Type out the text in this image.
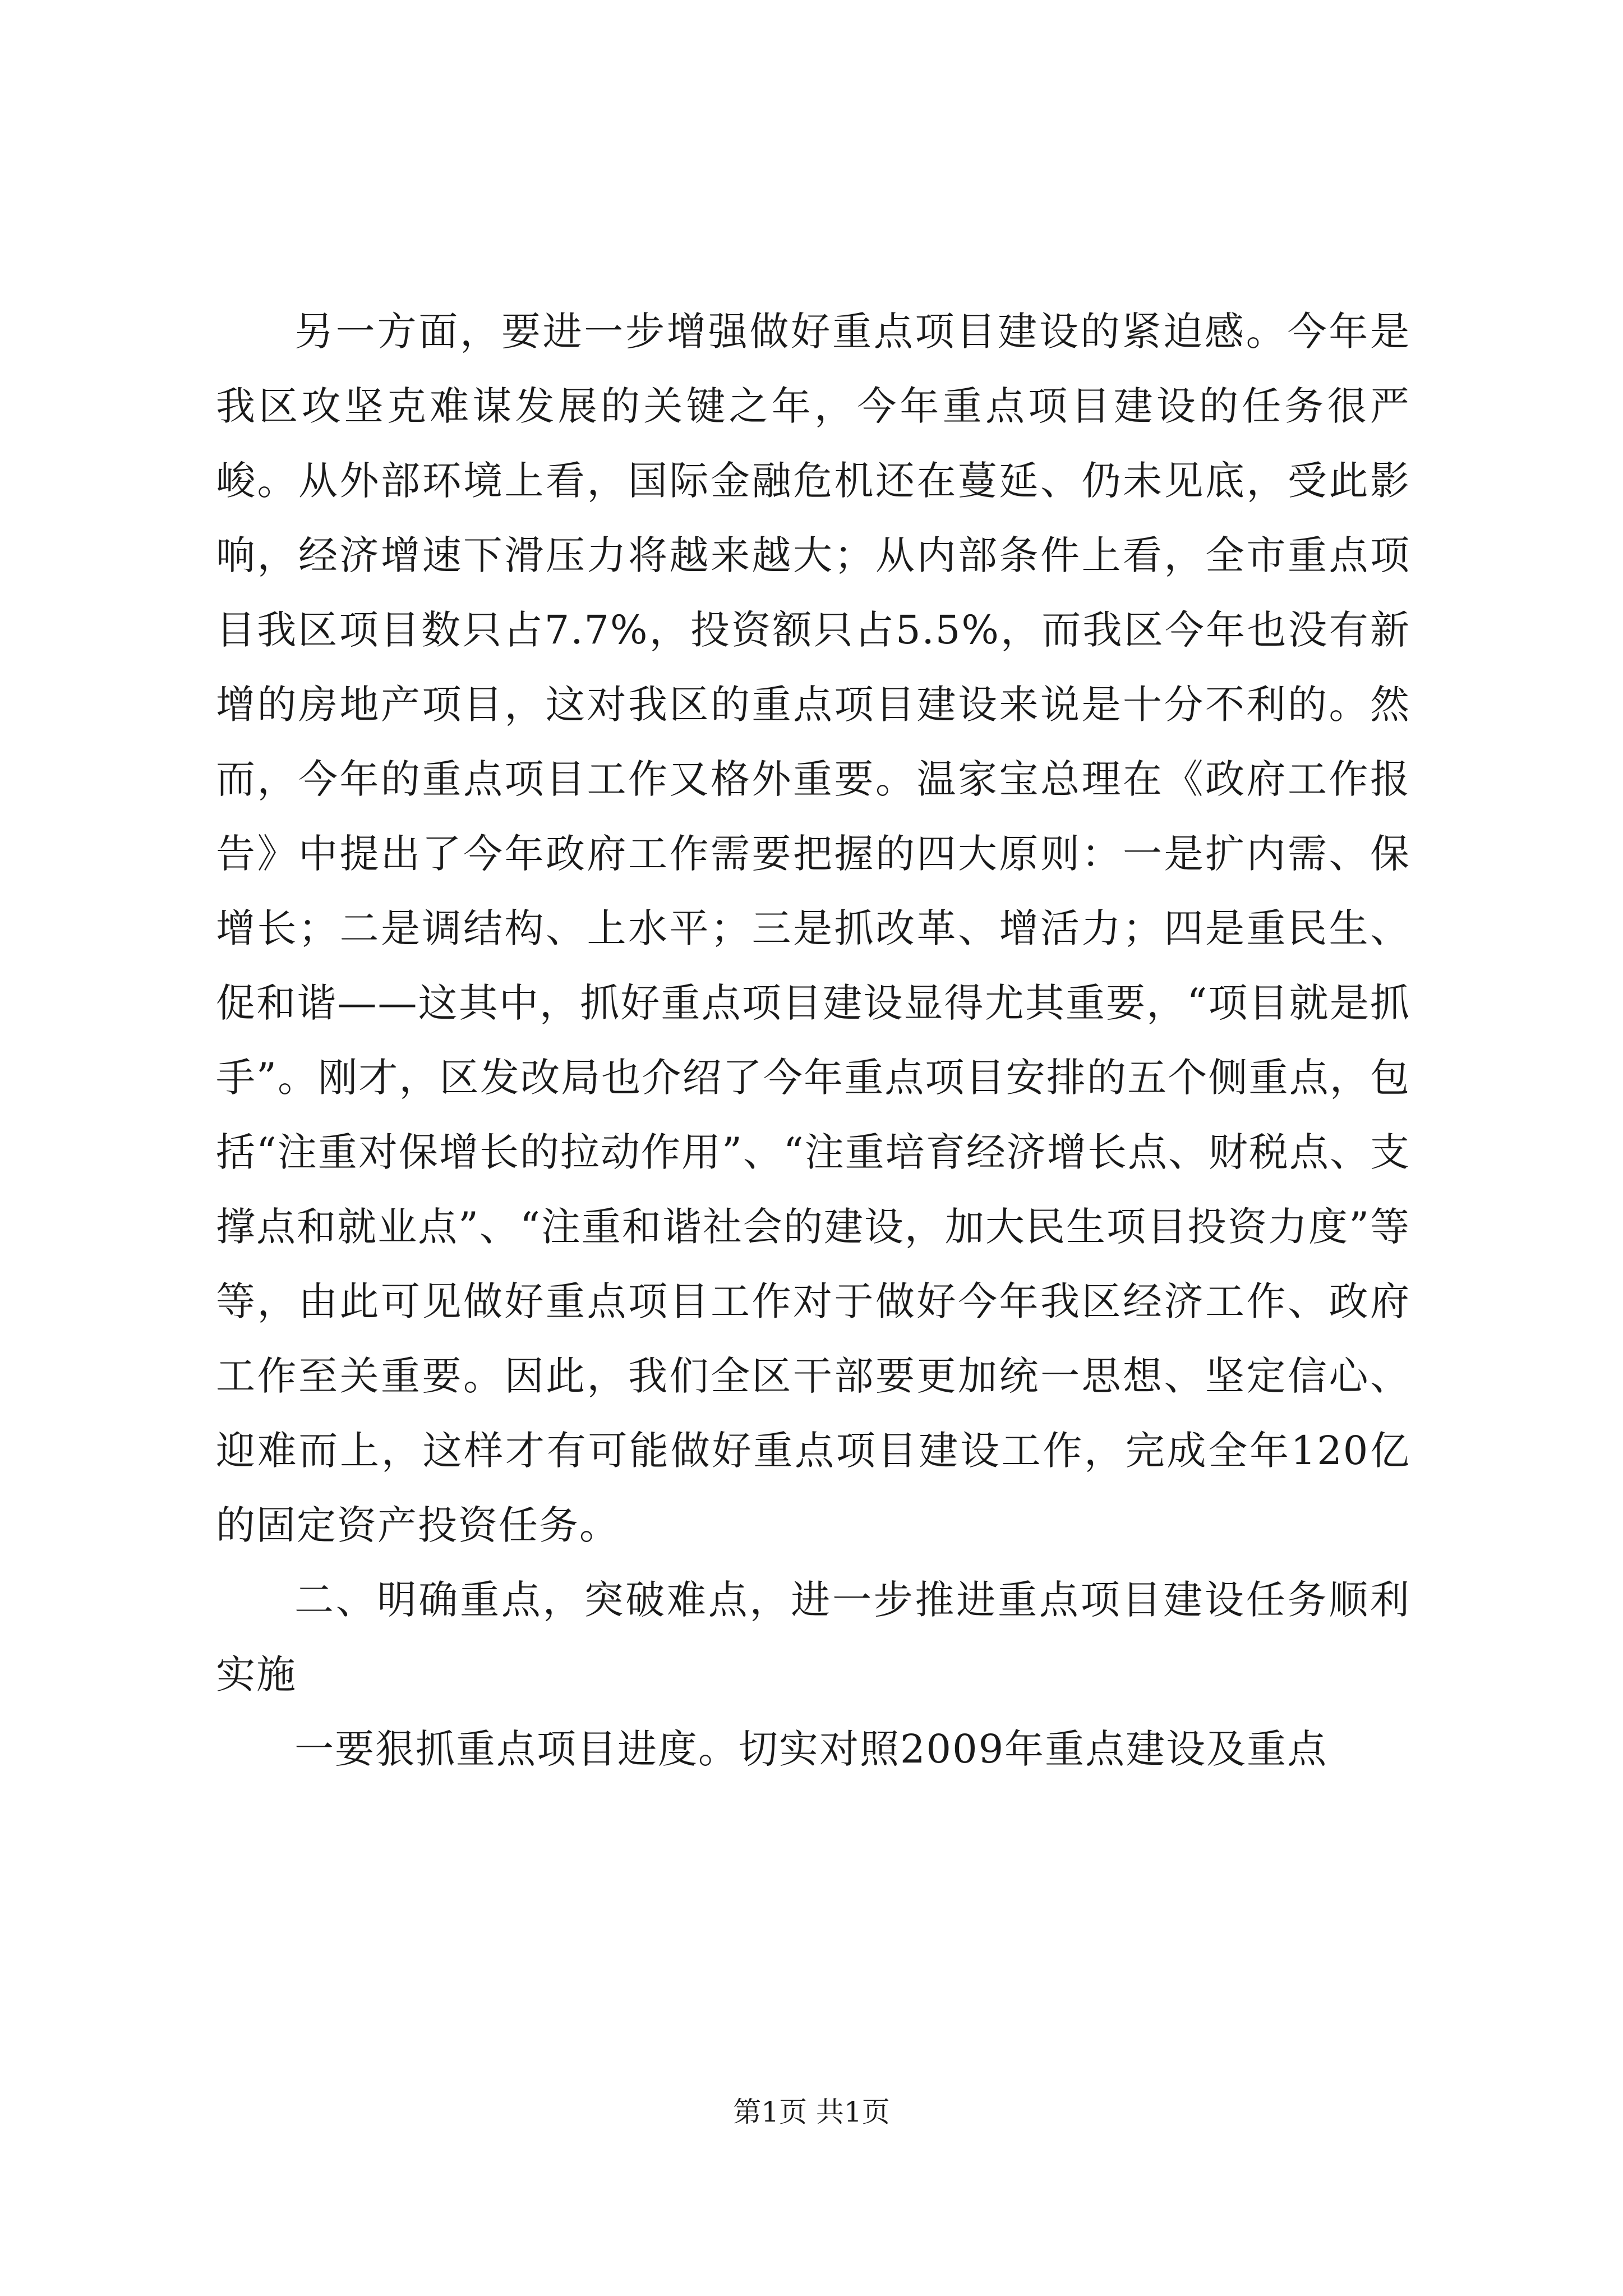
另一方面，要进一步增强做好重点项目建设的紧迫感。今年是我区攻坚克难谋发展的关键之年，今年重点项目建设的任务很严峻。从外部环境上看，国际金融危机还在蔓延、仍未见底，受此影响，经济增速下滑压力将越来越大；从内部条件上看，全市重点项目我区项目数只占7.7%，投资额只占5.5%，而我区今年也没有新增的房地产项目，这对我区的重点项目建设来说是十分不利的。然而，今年的重点项目工作又格外重要。温家宝总理在《政府工作报告》中提出了今年政府工作需要把握的四大原则：一是扩内需、保增长；二是调结构、上水平；三是抓改革、增活力；四是重民生、促和谐——这其中，抓好重点项目建设显得尤其重要，“项目就是抓手”。刚才，区发改局也介绍了今年重点项目安排的五个侧重点，包括“注重对保增长的拉动作用”、“注重培育经济增长点、财税点、支撑点和就业点”、“注重和谐社会的建设，加大民生项目投资力度”等等，由此可见做好重点项目工作对于做好今年我区经济工作、政府工作至关重要。因此，我们全区干部要更加统一思想、坚定信心、迎难而上，这样才有可能做好重点项目建设工作，完成全年120亿的固定资产投资任务。

二、明确重点，突破难点，进一步推进重点项目建设任务顺利实施

一要狠抓重点项目进度。切实对照2009年重点建设及重点

第1页 共1页
